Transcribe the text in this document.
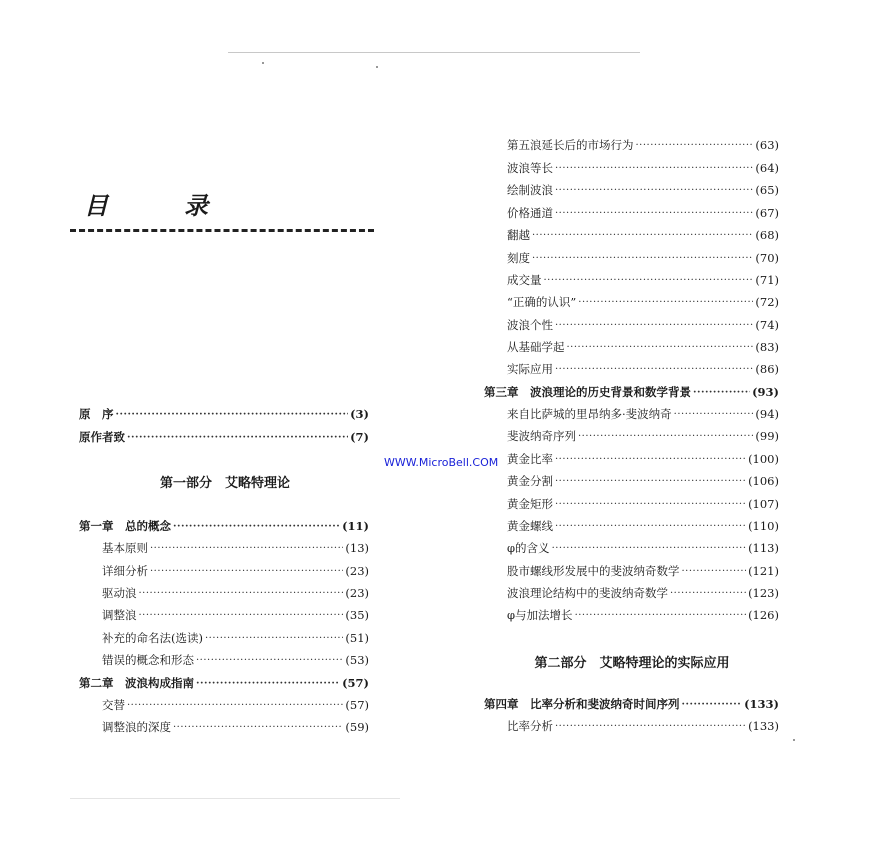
目　录
WWW.MicroBell.COM
原　序 ·····	(3)
原作者致 ·····	(7)
第一部分　艾略特理论
第一章　总的概念 ·····	(11)
基本原则 ·····	(13)
详细分析 ·····	(23)
驱动浪 ·····	(23)
调整浪 ·····	(35)
补充的命名法(选读) ·····	(51)
错误的概念和形态 ·····	(53)
第二章　波浪构成指南 ·····	(57)
交替 ·····	(57)
调整浪的深度 ·····	(59)
第五浪延长后的市场行为 ·····	(63)
波浪等长 ·····	(64)
绘制波浪 ·····	(65)
价格通道 ·····	(67)
翻越 ·····	(68)
刻度 ·····	(70)
成交量 ·····	(71)
“正确的认识” ·····	(72)
波浪个性 ·····	(74)
从基础学起 ·····	(83)
实际应用 ·····	(86)
第三章　波浪理论的历史背景和数学背景 ·····	(93)
来自比萨城的里昂纳多·斐波纳奇 ·····	(94)
斐波纳奇序列 ·····	(99)
黄金比率 ·····	(100)
黄金分割 ·····	(106)
黄金矩形 ·····	(107)
黄金螺线 ·····	(110)
φ的含义 ·····	(113)
股市螺线形发展中的斐波纳奇数学 ·····	(121)
波浪理论结构中的斐波纳奇数学 ·····	(123)
φ与加法增长 ·····	(126)
第二部分　艾略特理论的实际应用
第四章　比率分析和斐波纳奇时间序列 ·····	(133)
比率分析 ·····	(133)
